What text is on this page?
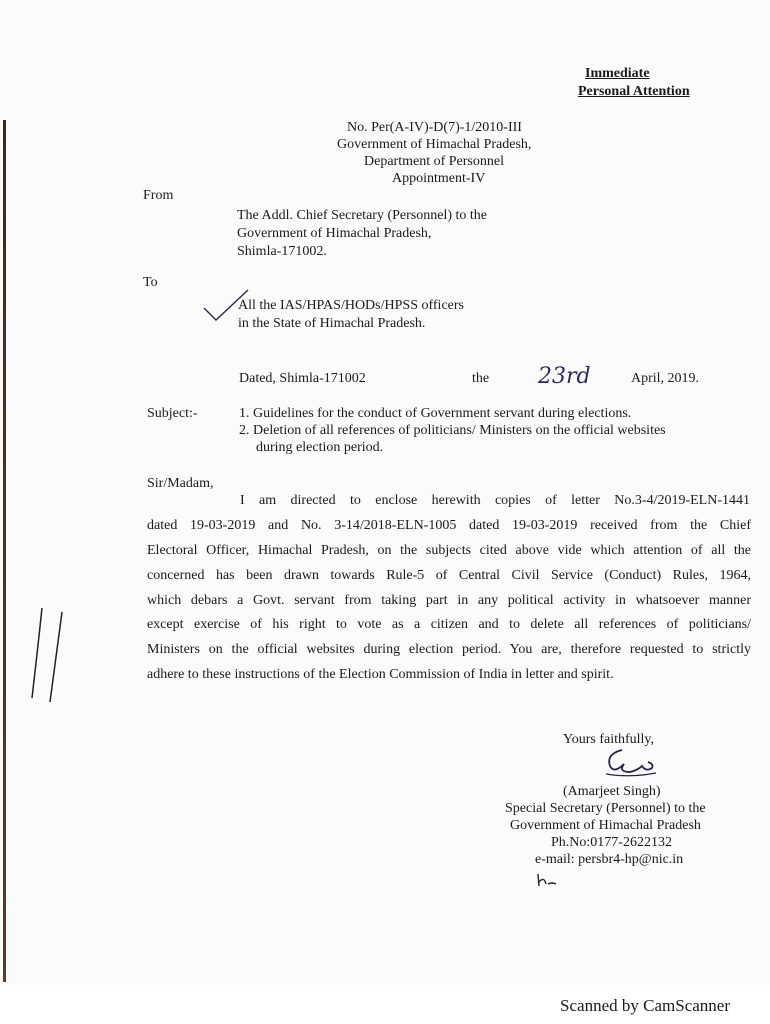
Immediate
Personal Attention
No. Per(A-IV)-D(7)-1/2010-III
Government of Himachal Pradesh,
Department of Personnel
Appointment-IV
From
The Addl. Chief Secretary (Personnel) to the
Government of Himachal Pradesh,
Shimla-171002.
To
All the IAS/HPAS/HODs/HPSS officers
in the State of Himachal Pradesh.
Dated, Shimla-171002	the 23rd	April, 2019.
Subject:-	1. Guidelines for the conduct of Government servant during elections.
2. Deletion of all references of politicians/ Ministers on the official websites
during election period.
Sir/Madam,
I am directed to enclose herewith copies of letter No.3-4/2019-ELN-1441
dated 19-03-2019 and No. 3-14/2018-ELN-1005 dated 19-03-2019 received from the Chief
Electoral Officer, Himachal Pradesh, on the subjects cited above vide which attention of all the
concerned has been drawn towards Rule-5 of Central Civil Service (Conduct) Rules, 1964,
which debars a Govt. servant from taking part in any political activity in whatsoever manner
except exercise of his right to vote as a citizen and to delete all references of politicians/
Ministers on the official websites during election period. You are, therefore requested to strictly
adhere to these instructions of the Election Commission of India in letter and spirit.
Yours faithfully,
(Amarjeet Singh)
Special Secretary (Personnel) to the
Government of Himachal Pradesh
Ph.No:0177-2622132
e-mail: persbr4-hp@nic.in
Scanned by CamScanner
